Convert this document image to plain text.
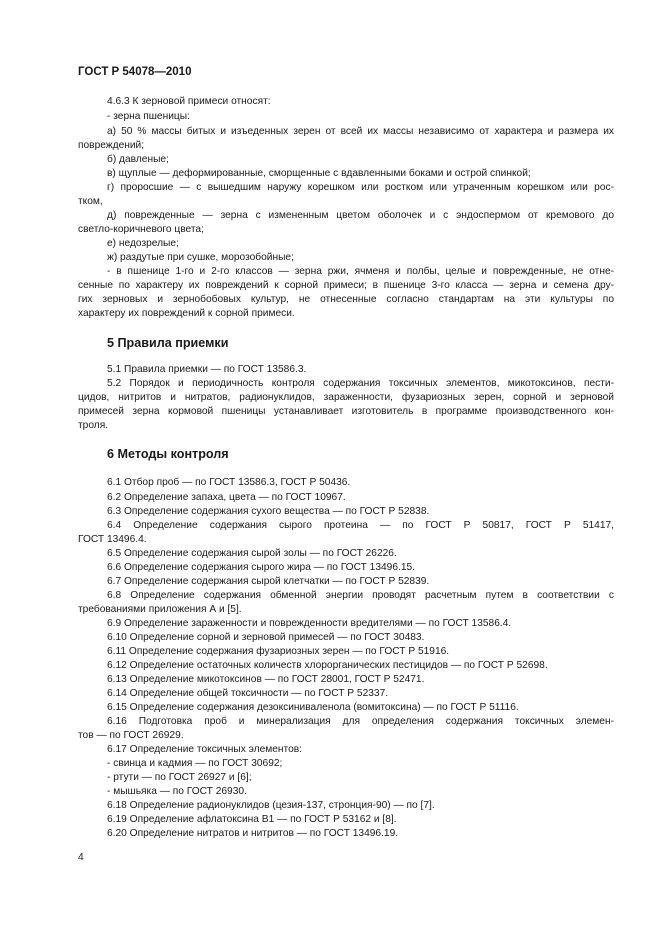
ГОСТ Р 54078—2010
4.6.3 К зерновой примеси относят:
- зерна пшеницы:
а) 50 % массы битых и изъеденных зерен от всей их массы независимо от характера и размера их
повреждений;
б) давленые;
в) щуплые — деформированные, сморщенные с вдавленными боками и острой спинкой;
г) проросшие — с вышедшим наружу корешком или ростком или утраченным корешком или рос-
тком,
д) поврежденные — зерна с измененным цветом оболочек и с эндоспермом от кремового до
светло-коричневого цвета;
е) недозрелые;
ж) раздутые при сушке, морозобойные;
- в пшенице 1-го и 2-го классов — зерна ржи, ячменя и полбы, целые и поврежденные, не отне-
сенные по характеру их повреждений к сорной примеси; в пшенице 3-го класса — зерна и семена дру-
гих зерновых и зернобобовых культур, не отнесенные согласно стандартам на эти культуры по
характеру их повреждений к сорной примеси.
5 Правила приемки
5.1 Правила приемки — по ГОСТ 13586.3.
5.2 Порядок и периодичность контроля содержания токсичных элементов, микотоксинов, пести-
цидов, нитритов и нитратов, радионуклидов, зараженности, фузариозных зерен, сорной и зерновой
примесей зерна кормовой пшеницы устанавливает изготовитель в программе производственного кон-
троля.
6 Методы контроля
6.1 Отбор проб — по ГОСТ 13586.3, ГОСТ Р 50436.
6.2 Определение запаха, цвета — по ГОСТ 10967.
6.3 Определение содержания сухого вещества — по ГОСТ Р 52838.
6.4 Определение содержания сырого протеина — по ГОСТ Р 50817, ГОСТ Р 51417,
ГОСТ 13496.4.
6.5 Определение содержания сырой золы — по ГОСТ 26226.
6.6 Определение содержания сырого жира — по ГОСТ 13496.15.
6.7 Определение содержания сырой клетчатки — по ГОСТ Р 52839.
6.8 Определение содержания обменной энергии проводят расчетным путем в соответствии с
требованиями приложения А и [5].
6.9 Определение зараженности и поврежденности вредителями — по ГОСТ 13586.4.
6.10 Определение сорной и зерновой примесей — по ГОСТ 30483.
6.11 Определение содержания фузариозных зерен — по ГОСТ Р 51916.
6.12 Определение остаточных количеств хлорорганических пестицидов — по ГОСТ Р 52698.
6.13 Определение микотоксинов — по ГОСТ 28001, ГОСТ Р 52471.
6.14 Определение общей токсичности — по ГОСТ Р 52337.
6.15 Определение содержания дезоксиниваленола (вомитоксина) — по ГОСТ Р 51116.
6.16 Подготовка проб и минерализация для определения содержания токсичных элемен-
тов — по ГОСТ 26929.
6.17 Определение токсичных элементов:
- свинца и кадмия — по ГОСТ 30692;
- ртути — по ГОСТ 26927 и [6];
- мышьяка — по ГОСТ 26930.
6.18 Определение радионуклидов (цезия-137, стронция-90) — по [7].
6.19 Определение афлатоксина B1 — по ГОСТ Р 53162 и [8].
6.20 Определение нитратов и нитритов — по ГОСТ 13496.19.
4
